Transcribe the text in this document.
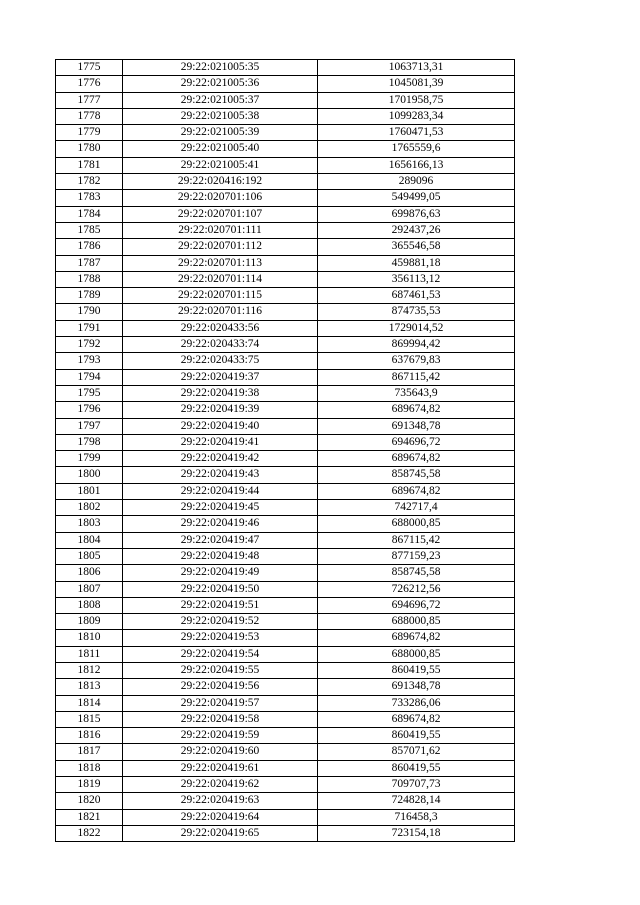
1775	29:22:021005:35	1063713,31
1776	29:22:021005:36	1045081,39
1777	29:22:021005:37	1701958,75
1778	29:22:021005:38	1099283,34
1779	29:22:021005:39	1760471,53
1780	29:22:021005:40	1765559,6
1781	29:22:021005:41	1656166,13
1782	29:22:020416:192	289096
1783	29:22:020701:106	549499,05
1784	29:22:020701:107	699876,63
1785	29:22:020701:111	292437,26
1786	29:22:020701:112	365546,58
1787	29:22:020701:113	459881,18
1788	29:22:020701:114	356113,12
1789	29:22:020701:115	687461,53
1790	29:22:020701:116	874735,53
1791	29:22:020433:56	1729014,52
1792	29:22:020433:74	869994,42
1793	29:22:020433:75	637679,83
1794	29:22:020419:37	867115,42
1795	29:22:020419:38	735643,9
1796	29:22:020419:39	689674,82
1797	29:22:020419:40	691348,78
1798	29:22:020419:41	694696,72
1799	29:22:020419:42	689674,82
1800	29:22:020419:43	858745,58
1801	29:22:020419:44	689674,82
1802	29:22:020419:45	742717,4
1803	29:22:020419:46	688000,85
1804	29:22:020419:47	867115,42
1805	29:22:020419:48	877159,23
1806	29:22:020419:49	858745,58
1807	29:22:020419:50	726212,56
1808	29:22:020419:51	694696,72
1809	29:22:020419:52	688000,85
1810	29:22:020419:53	689674,82
1811	29:22:020419:54	688000,85
1812	29:22:020419:55	860419,55
1813	29:22:020419:56	691348,78
1814	29:22:020419:57	733286,06
1815	29:22:020419:58	689674,82
1816	29:22:020419:59	860419,55
1817	29:22:020419:60	857071,62
1818	29:22:020419:61	860419,55
1819	29:22:020419:62	709707,73
1820	29:22:020419:63	724828,14
1821	29:22:020419:64	716458,3
1822	29:22:020419:65	723154,18
